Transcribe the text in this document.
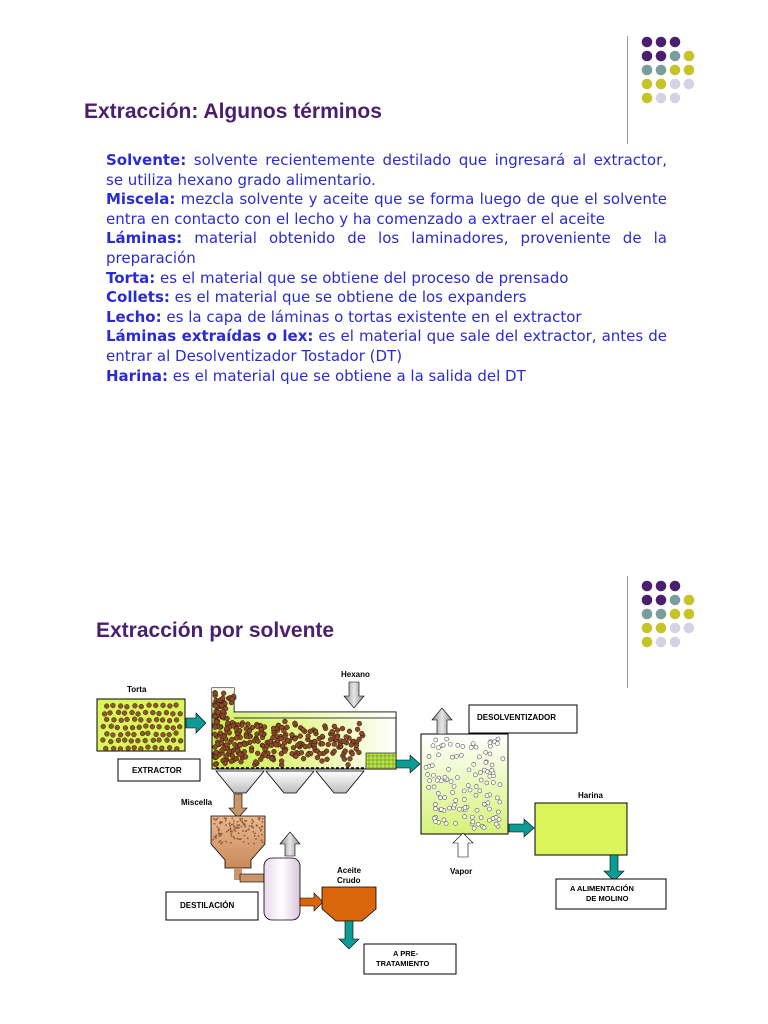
Extracción: Algunos términos
Solvente: solvente recientemente destilado que ingresará al extractor, se utiliza hexano grado alimentario.
Miscela: mezcla solvente y aceite que se forma luego de que el solvente entra en contacto con el lecho y ha comenzado a extraer el aceite
Láminas: material obtenido de los laminadores, proveniente de la preparación
Torta: es el material que se obtiene del proceso de prensado
Collets: es el material que se obtiene de los expanders
Lecho: es la capa de láminas o tortas existente en el extractor
Láminas extraídas o lex: es el material que sale del extractor, antes de entrar al Desolventizador Tostador (DT)
Harina: es el material que se obtiene a la salida del DT
Extracción por solvente
Torta
Hexano
EXTRACTOR
Miscella
DESTILACIÓN
Aceite
Crudo
A PRE-
TRATAMIENTO
DESOLVENTIZADOR
Vapor
Harina
A ALIMENTACIÓN
DE MOLINO
